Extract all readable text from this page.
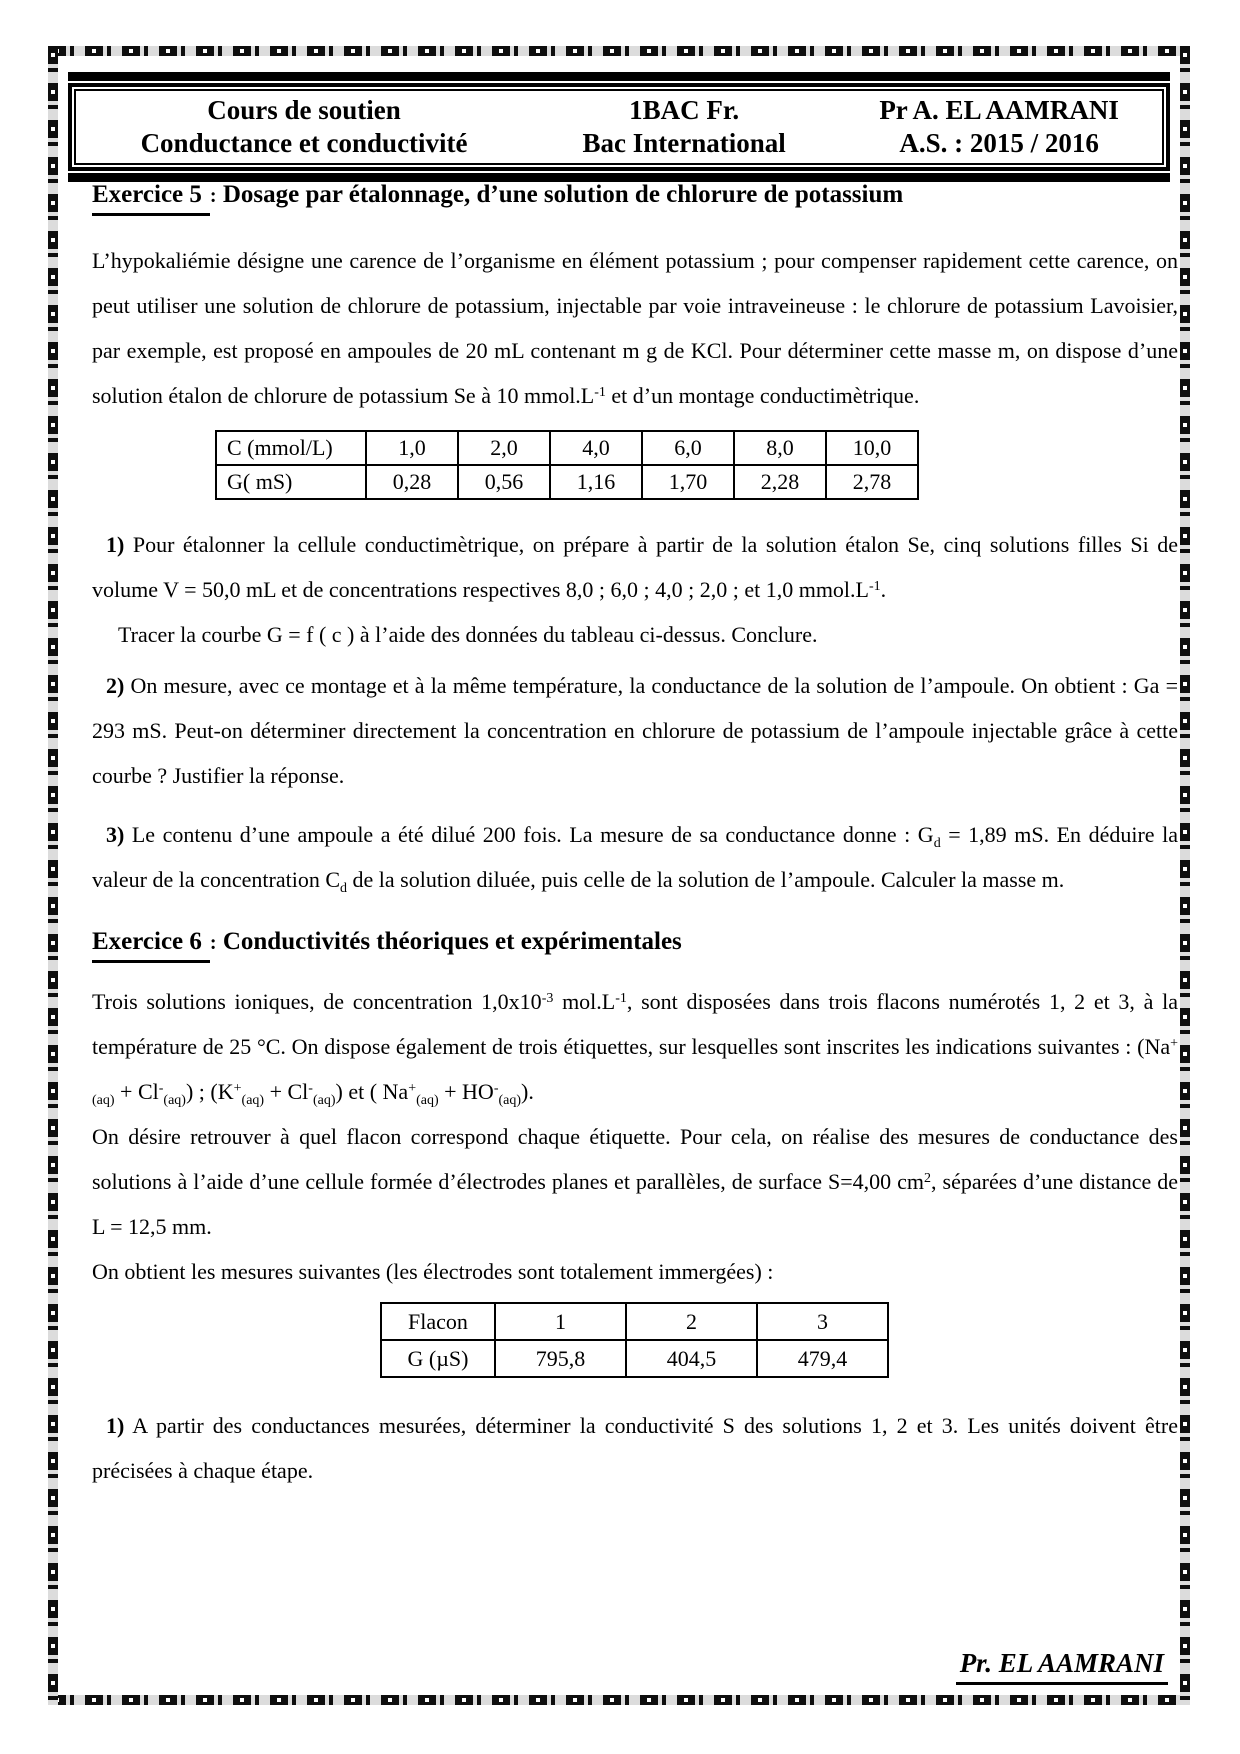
Cours de soutien
Conductance et conductivité
1BAC Fr.
Bac International
Pr A. EL AAMRANI
A.S. : 2015 / 2016
Exercice 5 : Dosage par étalonnage, d’une solution de chlorure de potassium

L’hypokaliémie désigne une carence de l’organisme en élément potassium ; pour compenser rapidement cette carence, on peut utiliser une solution de chlorure de potassium, injectable par voie intraveineuse : le chlorure de potassium Lavoisier, par exemple, est proposé en ampoules de 20 mL contenant m g de KCl. Pour déterminer cette masse m, on dispose d’une solution étalon de chlorure de potassium Se à 10 $mmol.L^{-1}$ et d’un montage conductimètrique.

C (mmol/L)	1,0	2,0	4,0	6,0	8,0	10,0
G( mS)	0,28	0,56	1,16	1,70	2,28	2,78

1) Pour étalonner la cellule conductimètrique, on prépare à partir de la solution étalon Se, cinq solutions filles Si de volume V = 50,0 mL et de concentrations respectives 8,0 ; 6,0 ; 4,0 ; 2,0 ; et 1,0 $mmol.L^{-1}$.

Tracer la courbe G = f ( c ) à l’aide des données du tableau ci-dessus. Conclure.

2) On mesure, avec ce montage et à la même température, la conductance de la solution de l’ampoule. On obtient : Ga = 293 mS. Peut-on déterminer directement la concentration en chlorure de potassium de l’ampoule injectable grâce à cette courbe ? Justifier la réponse.

3) Le contenu d’une ampoule a été dilué 200 fois. La mesure de sa conductance donne : $G_d = 1,89$ mS. En déduire la valeur de la concentration $C_d$ de la solution diluée, puis celle de la solution de l’ampoule. Calculer la masse m.

Exercice 6 : Conductivités théoriques et expérimentales

Trois solutions ioniques, de concentration $1,0x10^{-3}$ $mol.L^{-1}$, sont disposées dans trois flacons numérotés 1, 2 et 3, à la température de 25 °C. On dispose également de trois étiquettes, sur lesquelles sont inscrites les indications suivantes : $(Na^+_{(aq)} + Cl^-_{(aq)})$ ; $(K^+_{(aq)} + Cl^-_{(aq)})$ et ( $Na^+_{(aq)} + HO^-_{(aq)}$).

On désire retrouver à quel flacon correspond chaque étiquette. Pour cela, on réalise des mesures de conductance des solutions à l’aide d’une cellule formée d’électrodes planes et parallèles, de surface S=4,00 $cm^2$, séparées d’une distance de L = 12,5 mm.

On obtient les mesures suivantes (les électrodes sont totalement immergées) :

Flacon	1	2	3
G (µS)	795,8	404,5	479,4

1) A partir des conductances mesurées, déterminer la conductivité S des solutions 1, 2 et 3. Les unités doivent être précisées à chaque étape.

Pr. EL AAMRANI
